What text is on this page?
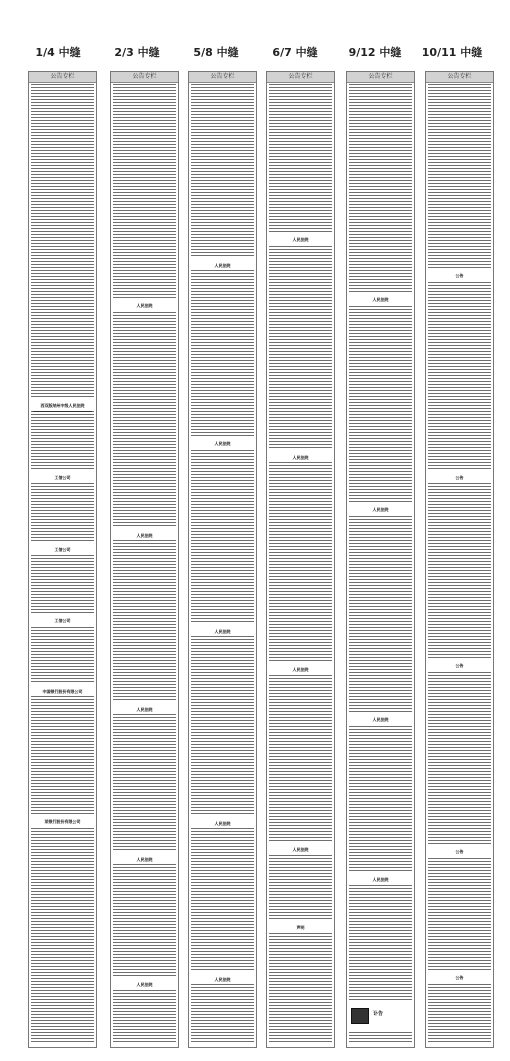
1/4 中缝	2/3 中缝	5/8 中缝	6/7 中缝	9/12 中缝	10/11 中缝
公告专栏
西双版纳州中级人民法院
工信公司
工信公司
工信公司
中国银行股份有限公司
某银行股份有限公司
公告专栏
人民法院
人民法院
人民法院
人民法院
人民法院
公告专栏
人民法院
人民法院
人民法院
人民法院
人民法院
公告专栏
人民法院
人民法院
人民法院
人民法院
声明
公告专栏
人民法院
人民法院
人民法院
人民法院
讣告
公告专栏
公告
公告
公告
公告
公告
